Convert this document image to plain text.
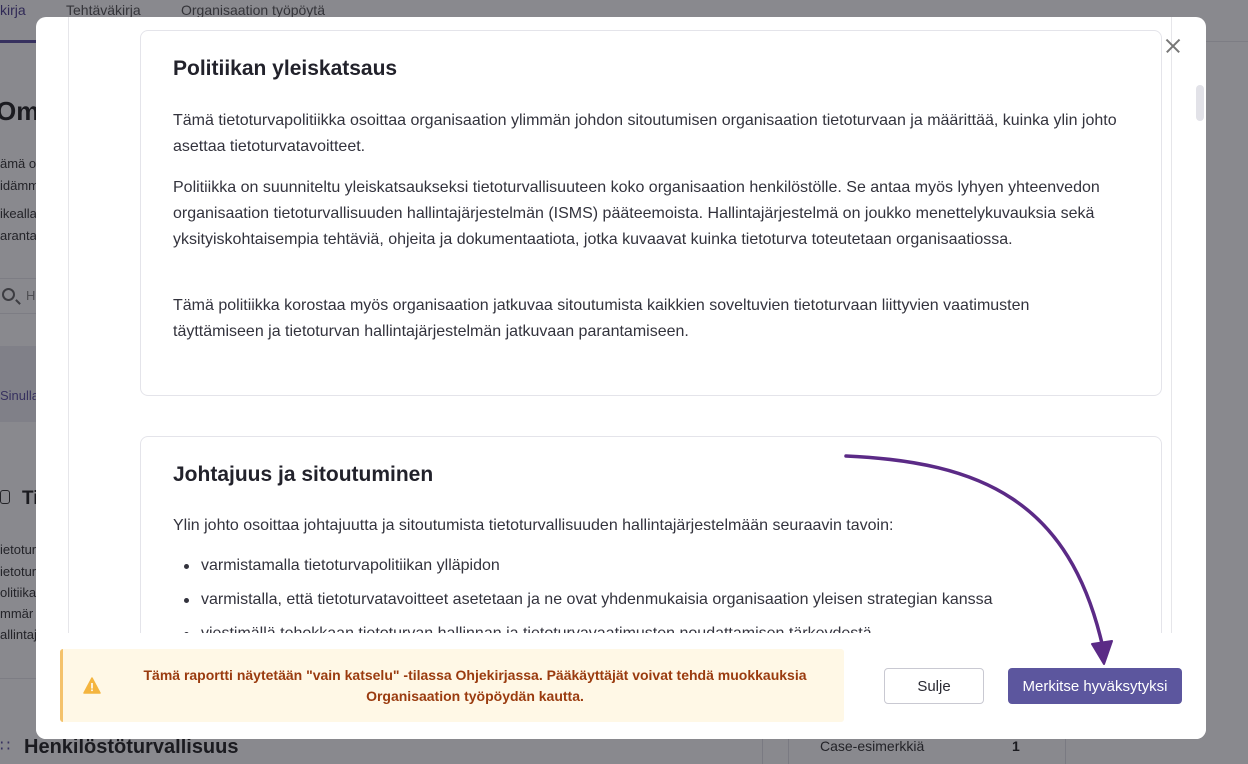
Politiikan yleiskatsaus

Tämä tietoturvapolitiikka osoittaa organisaation ylimmän johdon sitoutumisen organisaation tietoturvaan ja määrittää, kuinka ylin johto asettaa tietoturvatavoitteet.

Politiikka on suunniteltu yleiskatsaukseksi tietoturvallisuuteen koko organisaation henkilöstölle. Se antaa myös lyhyen yhteenvedon organisaation tietoturvallisuuden hallintajärjestelmän (ISMS) pääteemoista. Hallintajärjestelmä on joukko menettelykuvauksia sekä yksityiskohtaisempia tehtäviä, ohjeita ja dokumentaatiota, jotka kuvaavat kuinka tietoturva toteutetaan organisaatiossa.

Tämä politiikka korostaa myös organisaation jatkuvaa sitoutumista kaikkien soveltuvien tietoturvaan liittyvien vaatimusten täyttämiseen ja tietoturvan hallintajärjestelmän jatkuvaan parantamiseen.

Johtajuus ja sitoutuminen

Ylin johto osoittaa johtajuutta ja sitoutumista tietoturvallisuuden hallintajärjestelmään seuraavin tavoin:

varmistamalla tietoturvapolitiikan ylläpidon
varmistalla, että tietoturvatavoitteet asetetaan ja ne ovat yhdenmukaisia organisaation yleisen strategian kanssa
Tämä raportti näytetään "vain katselu" -tilassa Ohjekirjassa. Pääkäyttäjät voivat tehdä muokkauksia Organisaation työpöydän kautta.
Sulje	Merkitse hyväksytyksi
